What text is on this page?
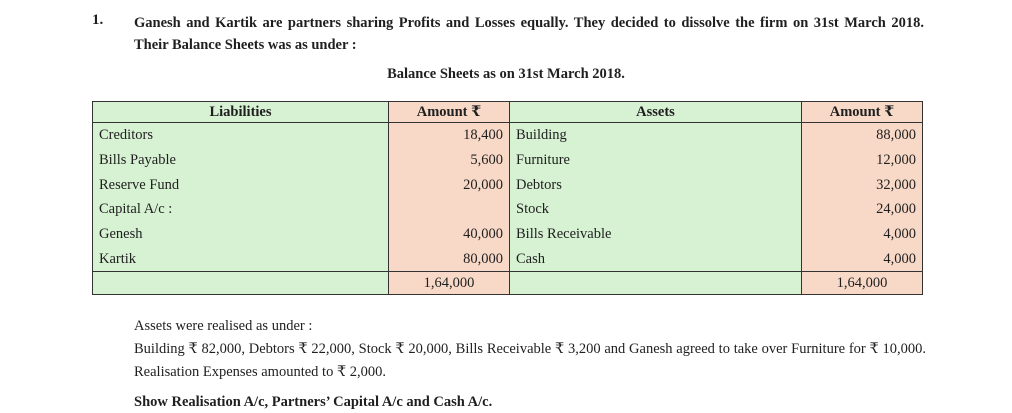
1. Ganesh and Kartik are partners sharing Profits and Losses equally. They decided to dissolve the firm on 31st March 2018. Their Balance Sheets was as under :
Balance Sheets as on 31st March 2018.
Liabilities	Amount ₹	Assets	Amount ₹
Creditors	18,400	Building	88,000
Bills Payable	5,600	Furniture	12,000
Reserve Fund	20,000	Debtors	32,000
Capital A/c :		Stock	24,000
Genesh	40,000	Bills Receivable	4,000
Kartik	80,000	Cash	4,000
	1,64,000		1,64,000
Assets were realised as under :
Building ₹ 82,000, Debtors ₹ 22,000, Stock ₹ 20,000, Bills Receivable ₹ 3,200 and Ganesh agreed to take over Furniture for ₹ 10,000. Realisation Expenses amounted to ₹ 2,000.
Show Realisation A/c, Partners’ Capital A/c and Cash A/c.
